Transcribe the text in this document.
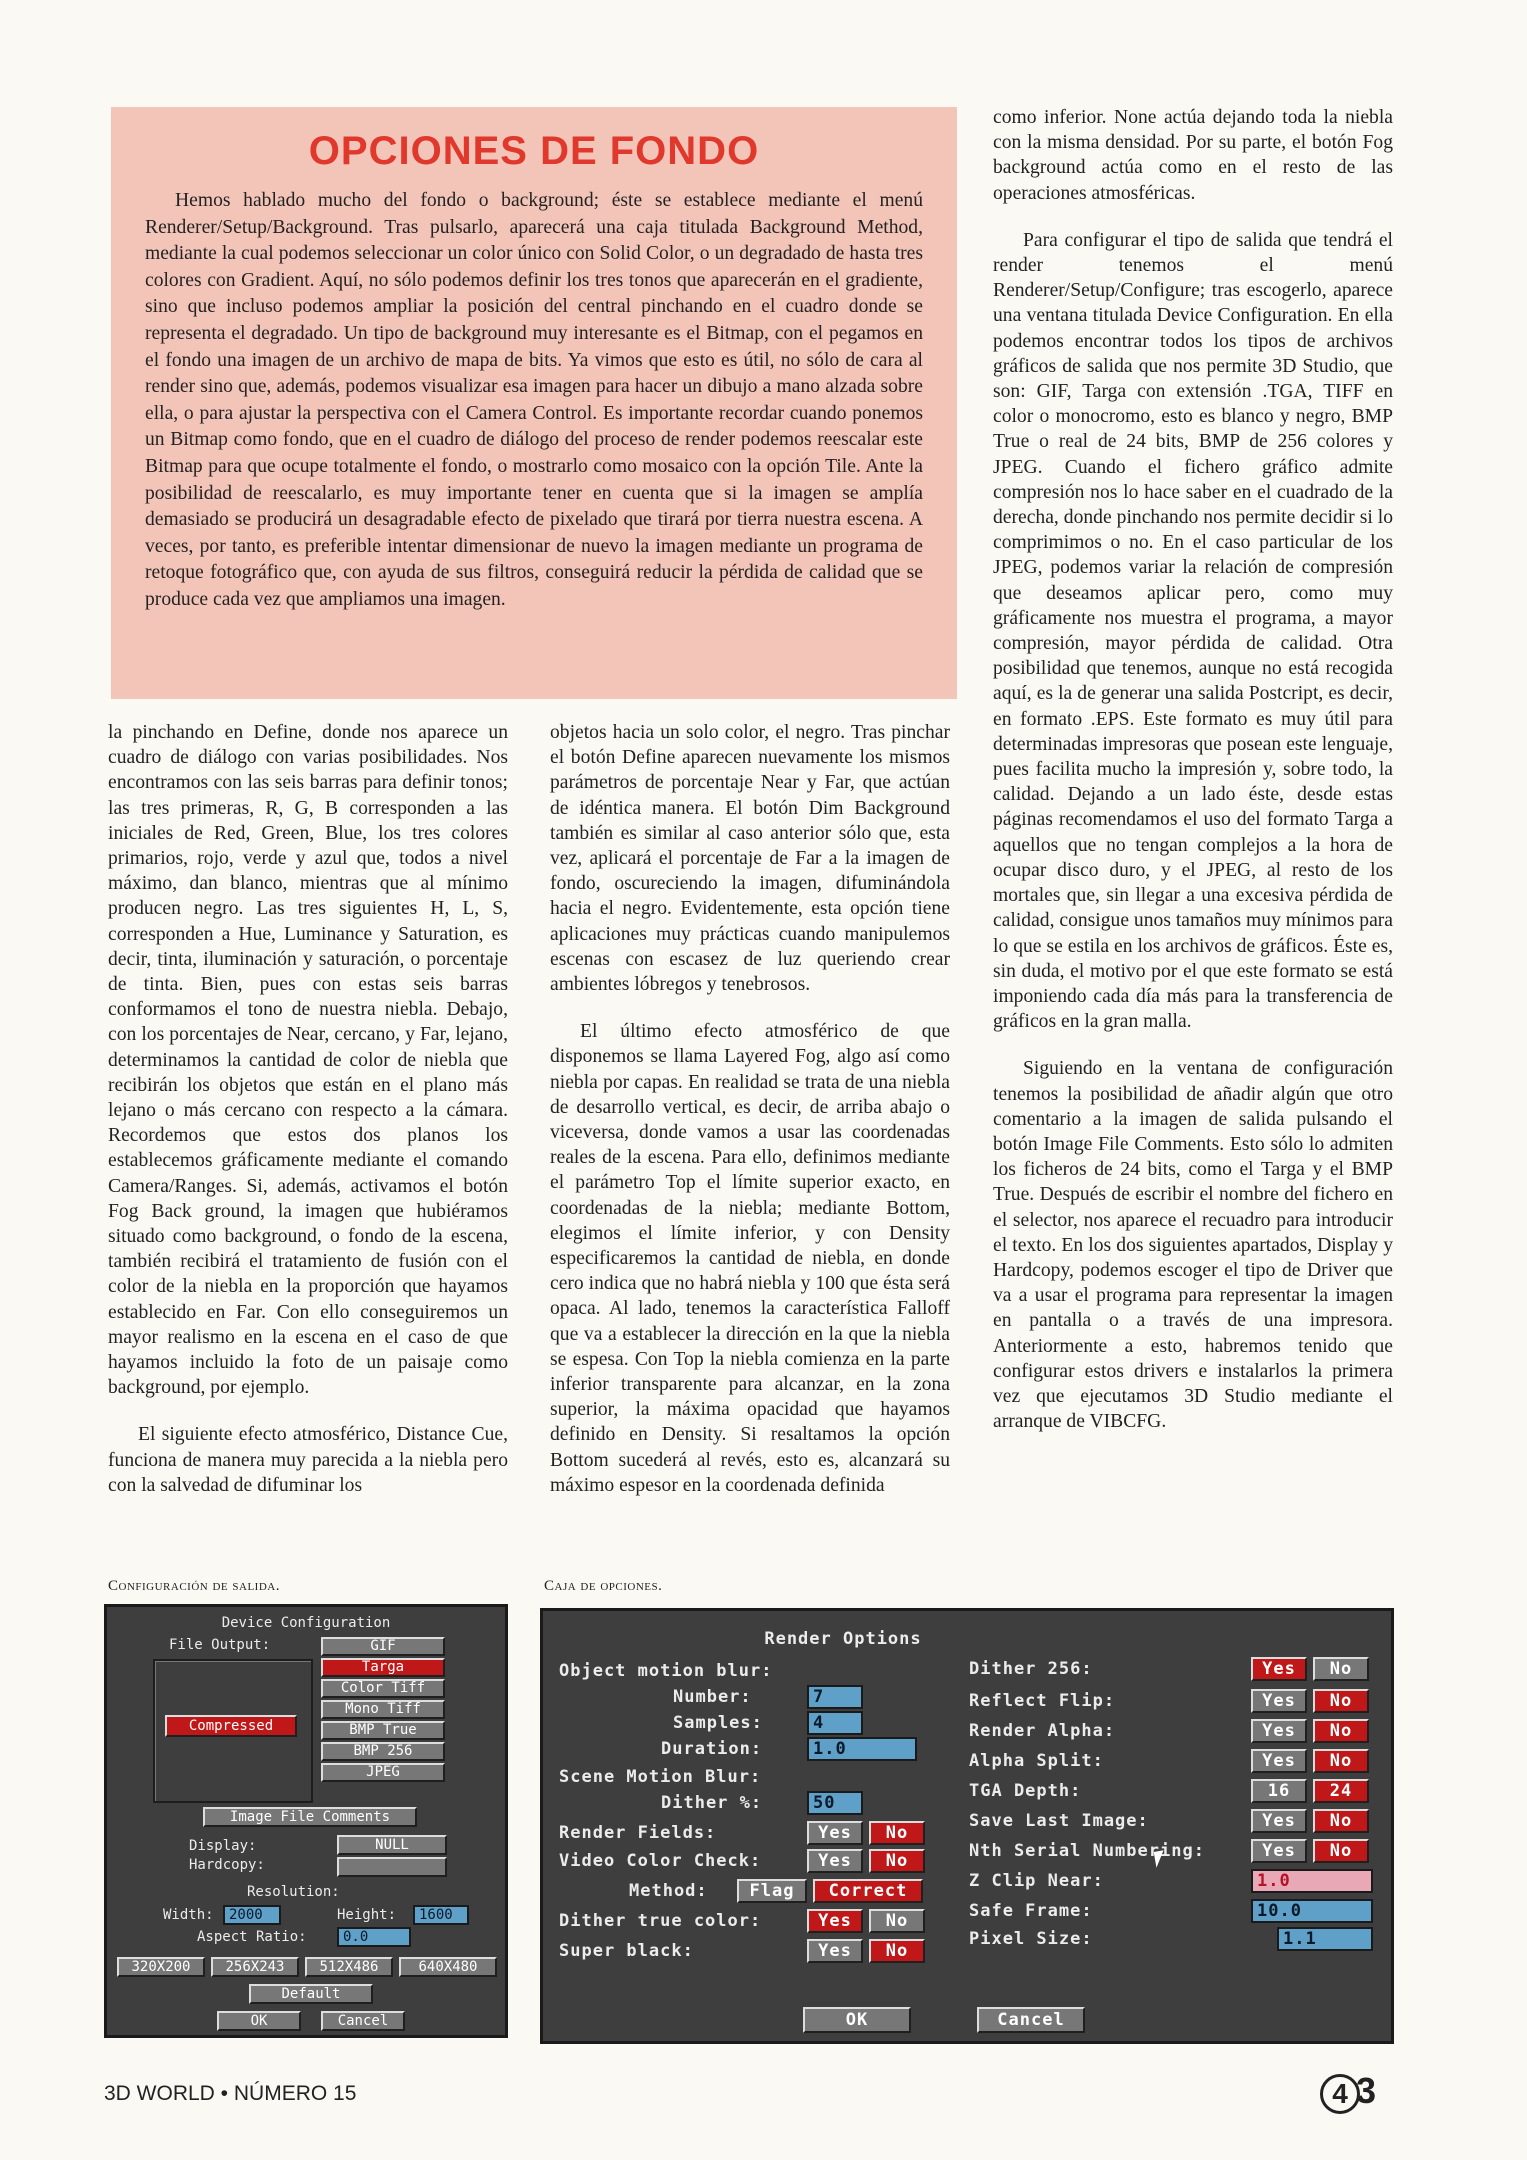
OPCIONES DE FONDO

Hemos hablado mucho del fondo o background; éste se establece mediante el menú Renderer/Setup/Background. Tras pulsarlo, aparecerá una caja titulada Background Method, mediante la cual podemos seleccionar un color único con Solid Color, o un degradado de hasta tres colores con Gradient. Aquí, no sólo podemos definir los tres tonos que aparecerán en el gradiente, sino que incluso podemos ampliar la posición del central pinchando en el cuadro donde se representa el degradado. Un tipo de background muy interesante es el Bitmap, con el pegamos en el fondo una imagen de un archivo de mapa de bits. Ya vimos que esto es útil, no sólo de cara al render sino que, además, podemos visualizar esa imagen para hacer un dibujo a mano alzada sobre ella, o para ajustar la perspectiva con el Camera Control. Es importante recordar cuando ponemos un Bitmap como fondo, que en el cuadro de diálogo del proceso de render podemos reescalar este Bitmap para que ocupe totalmente el fondo, o mostrarlo como mosaico con la opción Tile. Ante la posibilidad de reescalarlo, es muy importante tener en cuenta que si la imagen se amplía demasiado se producirá un desagradable efecto de pixelado que tirará por tierra nuestra escena. A veces, por tanto, es preferible intentar dimensionar de nuevo la imagen mediante un programa de retoque fotográfico que, con ayuda de sus filtros, conseguirá reducir la pérdida de calidad que se produce cada vez que ampliamos una imagen.

la pinchando en Define, donde nos aparece un cuadro de diálogo con varias posibilidades. Nos encontramos con las seis barras para definir tonos; las tres primeras, R, G, B corresponden a las iniciales de Red, Green, Blue, los tres colores primarios, rojo, verde y azul que, todos a nivel máximo, dan blanco, mientras que al mínimo producen negro. Las tres siguientes H, L, S, corresponden a Hue, Luminance y Saturation, es decir, tinta, iluminación y saturación, o porcentaje de tinta. Bien, pues con estas seis barras conformamos el tono de nuestra niebla. Debajo, con los porcentajes de Near, cercano, y Far, lejano, determinamos la cantidad de color de niebla que recibirán los objetos que están en el plano más lejano o más cercano con respecto a la cámara. Recordemos que estos dos planos los establecemos gráficamente mediante el comando Camera/Ranges. Si, además, activamos el botón Fog Back ground, la imagen que hubiéramos situado como background, o fondo de la escena, también recibirá el tratamiento de fusión con el color de la niebla en la proporción que hayamos establecido en Far. Con ello conseguiremos un mayor realismo en la escena en el caso de que hayamos incluido la foto de un paisaje como background, por ejemplo.

El siguiente efecto atmosférico, Distance Cue, funciona de manera muy parecida a la niebla pero con la salvedad de difuminar los

objetos hacia un solo color, el negro. Tras pinchar el botón Define aparecen nuevamente los mismos parámetros de porcentaje Near y Far, que actúan de idéntica manera. El botón Dim Background también es similar al caso anterior sólo que, esta vez, aplicará el porcentaje de Far a la imagen de fondo, oscureciendo la imagen, difuminándola hacia el negro. Evidentemente, esta opción tiene aplicaciones muy prácticas cuando manipulemos escenas con escasez de luz queriendo crear ambientes lóbregos y tenebrosos.

El último efecto atmosférico de que disponemos se llama Layered Fog, algo así como niebla por capas. En realidad se trata de una niebla de desarrollo vertical, es decir, de arriba abajo o viceversa, donde vamos a usar las coordenadas reales de la escena. Para ello, definimos mediante el parámetro Top el límite superior exacto, en coordenadas de la niebla; mediante Bottom, elegimos el límite inferior, y con Density especificaremos la cantidad de niebla, en donde cero indica que no habrá niebla y 100 que ésta será opaca. Al lado, tenemos la característica Falloff que va a establecer la dirección en la que la niebla se espesa. Con Top la niebla comienza en la parte inferior transparente para alcanzar, en la zona superior, la máxima opacidad que hayamos definido en Density. Si resaltamos la opción Bottom sucederá al revés, esto es, alcanzará su máximo espesor en la coordenada definida

como inferior. None actúa dejando toda la niebla con la misma densidad. Por su parte, el botón Fog background actúa como en el resto de las operaciones atmosféricas.

Para configurar el tipo de salida que tendrá el render tenemos el menú Renderer/Setup/Configure; tras escogerlo, aparece una ventana titulada Device Configuration. En ella podemos encontrar todos los tipos de archivos gráficos de salida que nos permite 3D Studio, que son: GIF, Targa con extensión .TGA, TIFF en color o monocromo, esto es blanco y negro, BMP True o real de 24 bits, BMP de 256 colores y JPEG. Cuando el fichero gráfico admite compresión nos lo hace saber en el cuadrado de la derecha, donde pinchando nos permite decidir si lo comprimimos o no. En el caso particular de los JPEG, podemos variar la relación de compresión que deseamos aplicar pero, como muy gráficamente nos muestra el programa, a mayor compresión, mayor pérdida de calidad. Otra posibilidad que tenemos, aunque no está recogida aquí, es la de generar una salida Postcript, es decir, en formato .EPS. Este formato es muy útil para determinadas impresoras que posean este lenguaje, pues facilita mucho la impresión y, sobre todo, la calidad. Dejando a un lado éste, desde estas páginas recomendamos el uso del formato Targa a aquellos que no tengan complejos a la hora de ocupar disco duro, y el JPEG, al resto de los mortales que, sin llegar a una excesiva pérdida de calidad, consigue unos tamaños muy mínimos para lo que se estila en los archivos de gráficos. Éste es, sin duda, el motivo por el que este formato se está imponiendo cada día más para la transferencia de gráficos en la gran malla.

Siguiendo en la ventana de configuración tenemos la posibilidad de añadir algún que otro comentario a la imagen de salida pulsando el botón Image File Comments. Esto sólo lo admiten los ficheros de 24 bits, como el Targa y el BMP True. Después de escribir el nombre del fichero en el selector, nos aparece el recuadro para introducir el texto. En los dos siguientes apartados, Display y Hardcopy, podemos escoger el tipo de Driver que va a usar el programa para representar la imagen en pantalla o a través de una impresora. Anteriormente a esto, habremos tenido que configurar estos drivers e instalarlos la primera vez que ejecutamos 3D Studio mediante el arranque de VIBCFG.

Configuración de salida.	Caja de opciones.
Device Configuration
File Output:
Compressed
GIF
Targa
Color Tiff
Mono Tiff
BMP True
BMP 256
JPEG
Image File Comments
Display:	NULL
Hardcopy:
Resolution:
Width:	2000	Height:	1600
Aspect Ratio:	0.0
320X200	256X243	512X486	640X480
Default
OK	Cancel
Render Options
Object motion blur:
Number:	7
Samples:	4
Duration:	1.0
Scene Motion Blur:
Dither %:	50
Render Fields:	Yes	No
Video Color Check:	Yes	No
Method:	Flag	Correct
Dither true color:	Yes	No
Super black:	Yes	No
Dither 256:	Yes	No
Reflect Flip:	Yes	No
Render Alpha:	Yes	No
Alpha Split:	Yes	No
TGA Depth:	16	24
Save Last Image:	Yes	No
Nth Serial Numbering:	Yes	No
Z Clip Near:	1.0
Safe Frame:	10.0
Pixel Size:	1.1
OK	Cancel
3D WORLD • NÚMERO 15	4 3
